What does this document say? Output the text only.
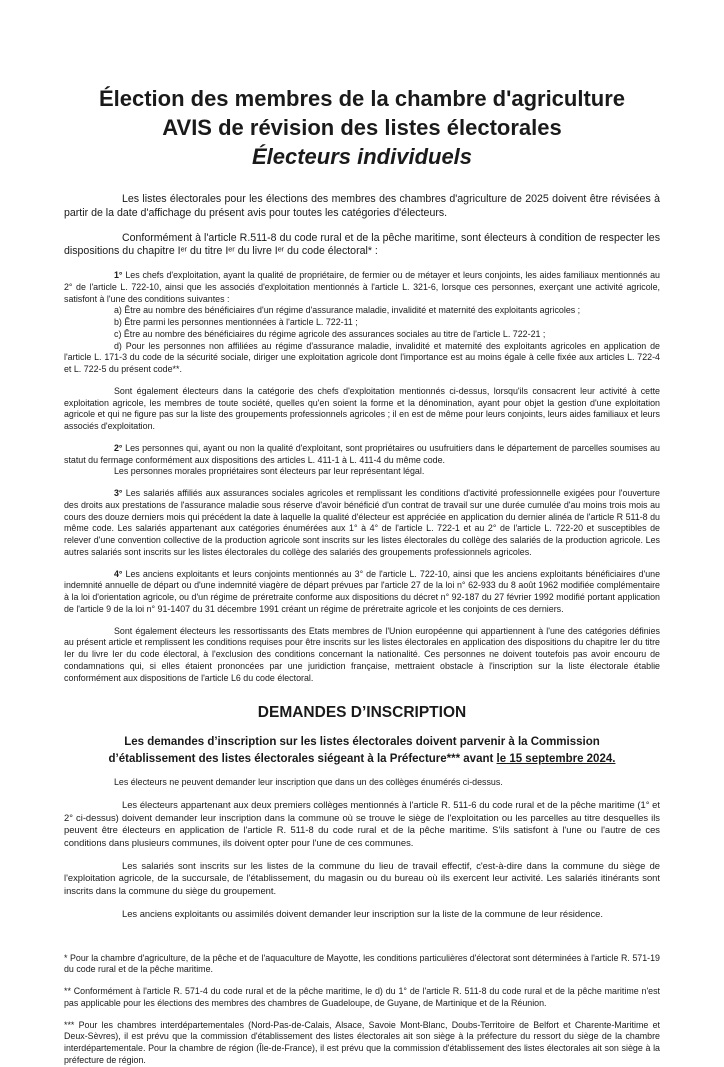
Élection des membres de la chambre d'agriculture
AVIS de révision des listes électorales
Électeurs individuels

Les listes électorales pour les élections des membres des chambres d'agriculture de 2025 doivent être révisées à partir de la date d'affichage du présent avis pour toutes les catégories d'électeurs.

Conformément à l'article R.511-8 du code rural et de la pêche maritime, sont électeurs à condition de respecter les dispositions du chapitre Iᵉʳ du titre Iᵉʳ du livre Iᵉʳ du code électoral* :

1° Les chefs d'exploitation, ayant la qualité de propriétaire, de fermier ou de métayer et leurs conjoints, les aides familiaux mentionnés au 2° de l'article L. 722-10, ainsi que les associés d'exploitation mentionnés à l'article L. 321-6, lorsque ces personnes, exerçant une activité agricole, satisfont à l'une des conditions suivantes :

a) Être au nombre des bénéficiaires d'un régime d'assurance maladie, invalidité et maternité des exploitants agricoles ;

b) Être parmi les personnes mentionnées à l'article L. 722-11 ;

c) Être au nombre des bénéficiaires du régime agricole des assurances sociales au titre de l'article L. 722-21 ;

d) Pour les personnes non affiliées au régime d'assurance maladie, invalidité et maternité des exploitants agricoles en application de l'article L. 171-3 du code de la sécurité sociale, diriger une exploitation agricole dont l'importance est au moins égale à celle fixée aux articles L. 722-4 et L. 722-5 du présent code**.

Sont également électeurs dans la catégorie des chefs d'exploitation mentionnés ci-dessus, lorsqu'ils consacrent leur activité à cette exploitation agricole, les membres de toute société, quelles qu'en soient la forme et la dénomination, ayant pour objet la gestion d'une exploitation agricole et qui ne figure pas sur la liste des groupements professionnels agricoles ; il en est de même pour leurs conjoints, leurs aides familiaux et leurs associés d'exploitation.

2° Les personnes qui, ayant ou non la qualité d'exploitant, sont propriétaires ou usufruitiers dans le département de parcelles soumises au statut du fermage conformément aux dispositions des articles L. 411-1 à L. 411-4 du même code.

Les personnes morales propriétaires sont électeurs par leur représentant légal.

3° Les salariés affiliés aux assurances sociales agricoles et remplissant les conditions d'activité professionnelle exigées pour l'ouverture des droits aux prestations de l'assurance maladie sous réserve d'avoir bénéficié d'un contrat de travail sur une durée cumulée d'au moins trois mois au cours des douze derniers mois qui précédent la date à laquelle la qualité d'électeur est appréciée en application du dernier alinéa de l'article R 511-8 du même code. Les salariés appartenant aux catégories énumérées aux 1° à 4° de l'article L. 722-1 et au 2° de l'article L. 722-20 et susceptibles de relever d'une convention collective de la production agricole sont inscrits sur les listes électorales du collège des salariés de la production agricole. Les autres salariés sont inscrits sur les listes électorales du collège des salariés des groupements professionnels agricoles.

4° Les anciens exploitants et leurs conjoints mentionnés au 3° de l'article L. 722-10, ainsi que les anciens exploitants bénéficiaires d'une indemnité annuelle de départ ou d'une indemnité viagère de départ prévues par l'article 27 de la loi n° 62-933 du 8 août 1962 modifiée complémentaire à la loi d'orientation agricole, ou d'un régime de préretraite conforme aux dispositions du décret n° 92-187 du 27 février 1992 modifié portant application de l'article 9 de la loi n° 91-1407 du 31 décembre 1991 créant un régime de préretraite agricole et les conjoints de ces derniers.

Sont également électeurs les ressortissants des Etats membres de l'Union européenne qui appartiennent à l'une des catégories définies au présent article et remplissent les conditions requises pour être inscrits sur les listes électorales en application des dispositions du chapitre Ier du titre Ier du livre Ier du code électoral, à l'exclusion des conditions concernant la nationalité. Ces personnes ne doivent toutefois pas avoir encouru de condamnations qui, si elles étaient prononcées par une juridiction française, mettraient obstacle à l'inscription sur la liste électorale établie conformément aux dispositions de l'article L6 du code électoral.

DEMANDES D’INSCRIPTION

Les demandes d’inscription sur les listes électorales doivent parvenir à la Commission d’établissement des listes électorales siégeant à la Préfecture*** avant le 15 septembre 2024.

Les électeurs ne peuvent demander leur inscription que dans un des collèges énumérés ci-dessus.

Les électeurs appartenant aux deux premiers collèges mentionnés à l'article R. 511-6 du code rural et de la pêche maritime (1° et 2° ci-dessus) doivent demander leur inscription dans la commune où se trouve le siège de l'exploitation ou les parcelles au titre desquelles ils peuvent être électeurs en application de l'article R. 511-8 du code rural et de la pêche maritime. S'ils satisfont à l'une ou l'autre de ces conditions dans plusieurs communes, ils doivent opter pour l'une de ces communes.

Les salariés sont inscrits sur les listes de la commune du lieu de travail effectif, c'est-à-dire dans la commune du siège de l'exploitation agricole, de la succursale, de l'établissement, du magasin ou du bureau où ils exercent leur activité. Les salariés itinérants sont inscrits dans la commune du siège du groupement.

Les anciens exploitants ou assimilés doivent demander leur inscription sur la liste de la commune de leur résidence.

* Pour la chambre d'agriculture, de la pêche et de l'aquaculture de Mayotte, les conditions particulières d'électorat sont déterminées à l'article R. 571-19 du code rural et de la pêche maritime.

** Conformément à l'article R. 571-4 du code rural et de la pêche maritime, le d) du 1° de l'article R. 511-8 du code rural et de la pêche maritime n'est pas applicable pour les élections des membres des chambres de Guadeloupe, de Guyane, de Martinique et de la Réunion.

*** Pour les chambres interdépartementales (Nord-Pas-de-Calais, Alsace, Savoie Mont-Blanc, Doubs-Territoire de Belfort et Charente-Maritime et Deux-Sèvres), il est prévu que la commission d'établissement des listes électorales ait son siège à la préfecture du ressort du siège de la chambre interdépartementale. Pour la chambre de région (Île-de-France), il est prévu que la commission d'établissement des listes électorales ait son siège à la préfecture de région.
